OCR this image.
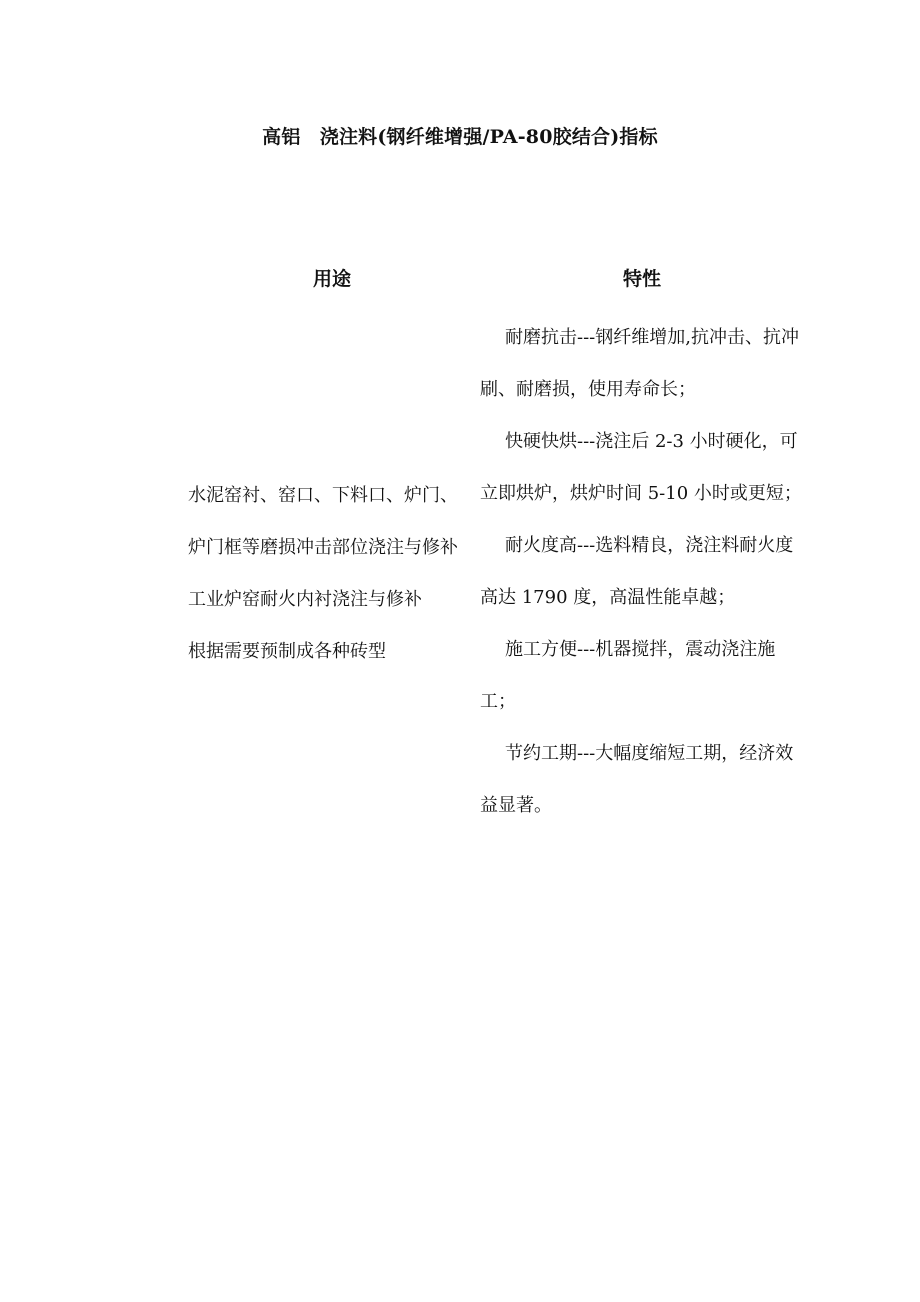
高铝　浇注料(钢纤维增强/PA-80胶结合)指标
用途	特性

水泥窑衬、窑口、下料口、炉门、炉门框等磨损冲击部位浇注与修补

工业炉窑耐火内衬浇注与修补

根据需要预制成各种砖型

耐磨抗击---钢纤维增加,抗冲击、抗冲刷、耐磨损，使用寿命长；

快硬快烘---浇注后 2-3 小时硬化，可立即烘炉，烘炉时间 5-10 小时或更短；

耐火度高---选料精良，浇注料耐火度高达 1790 度，高温性能卓越；

施工方便---机器搅拌，震动浇注施工；

节约工期---大幅度缩短工期，经济效益显著。
